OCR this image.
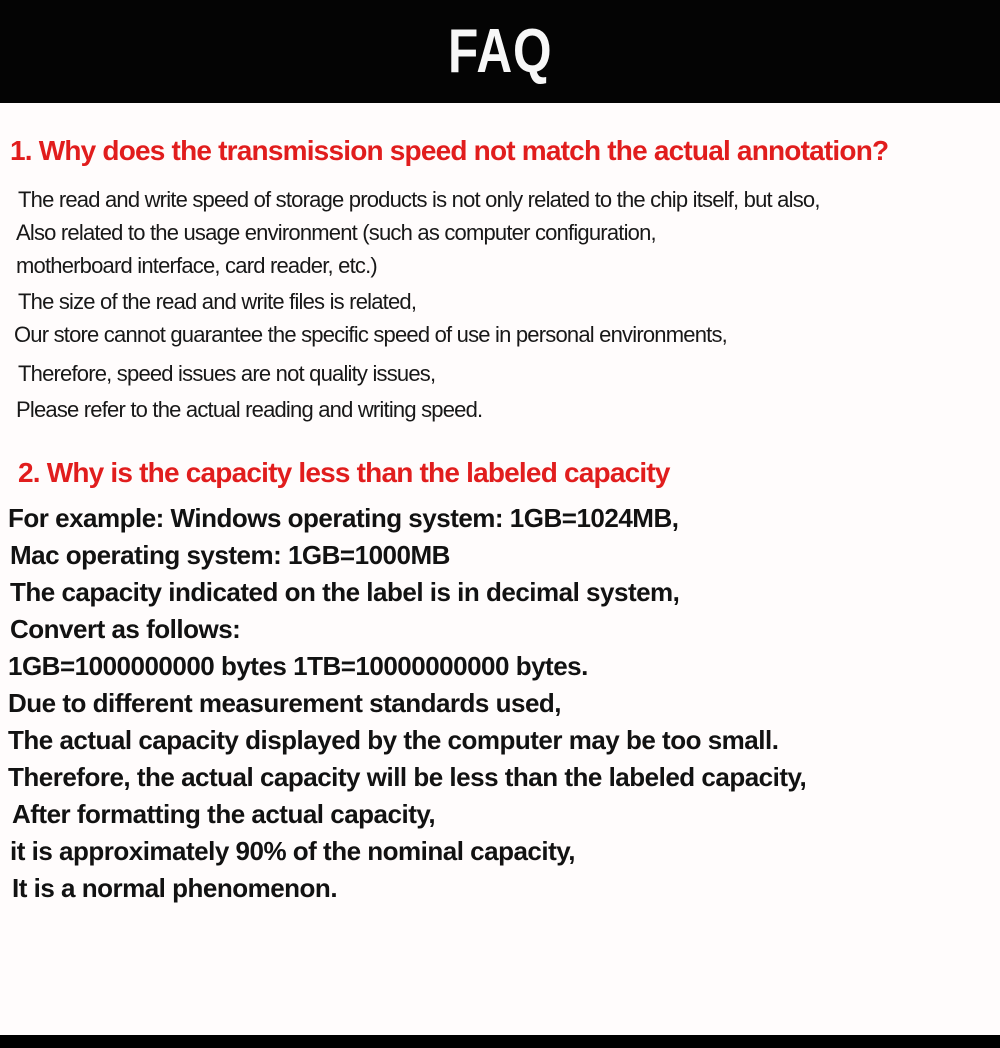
FAQ
1. Why does the transmission speed not match the actual annotation?

The read and write speed of storage products is not only related to the chip itself, but also,

Also related to the usage environment (such as computer configuration,

motherboard interface, card reader, etc.)

The size of the read and write files is related,

Our store cannot guarantee the specific speed of use in personal environments,

Therefore, speed issues are not quality issues,

Please refer to the actual reading and writing speed.

2. Why is the capacity less than the labeled capacity

For example: Windows operating system: 1GB=1024MB,

Mac operating system: 1GB=1000MB

The capacity indicated on the label is in decimal system,

Convert as follows:

1GB=1000000000 bytes 1TB=10000000000 bytes.

Due to different measurement standards used,

The actual capacity displayed by the computer may be too small.

Therefore, the actual capacity will be less than the labeled capacity,

After formatting the actual capacity,

it is approximately 90% of the nominal capacity,

It is a normal phenomenon.
